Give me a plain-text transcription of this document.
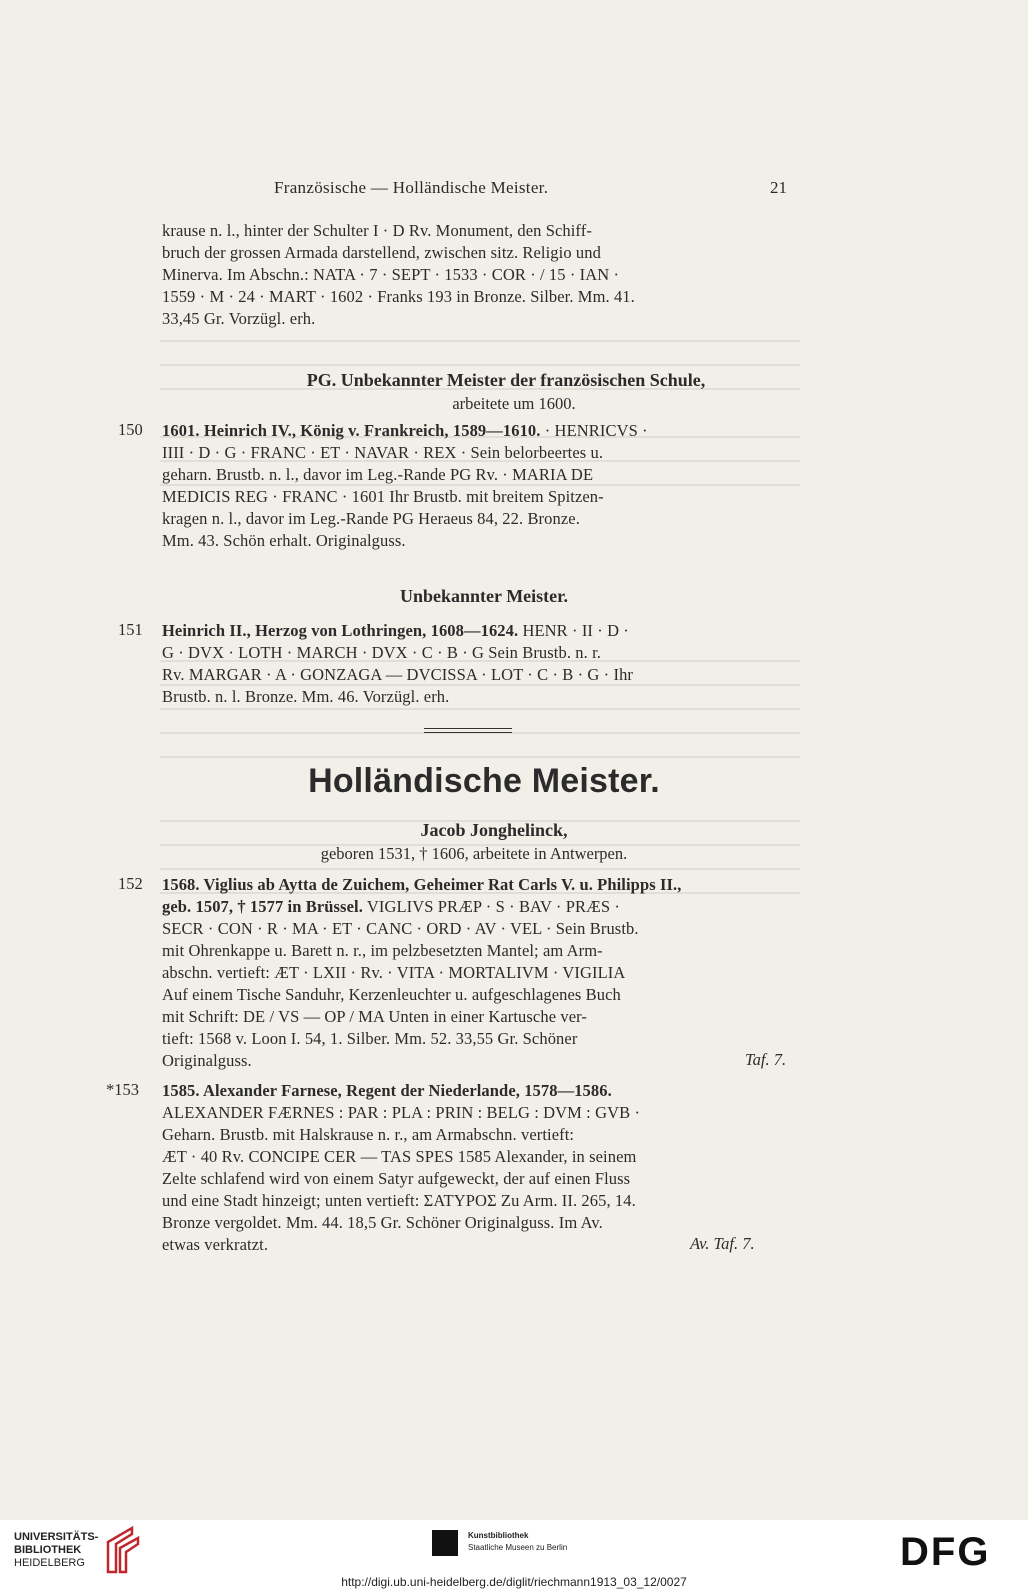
Französische — Holländische Meister.	21
krause n. l., hinter der Schulter I · D Rv. Monument, den Schiff-
bruch der grossen Armada darstellend, zwischen sitz. Religio und
Minerva. Im Abschn.: NATA · 7 · SEPT · 1533 · COR · / 15 · IAN ·
1559 · M · 24 · MART · 1602 · Franks 193 in Bronze. Silber. Mm. 41.
33,45 Gr. Vorzügl. erh.
PG. Unbekannter Meister der französischen Schule,
arbeitete um 1600.
150 1601. Heinrich IV., König v. Frankreich, 1589—1610. · HENRICVS ·
IIII · D · G · FRANC · ET · NAVAR · REX · Sein belorbeertes u.
geharn. Brustb. n. l., davor im Leg.-Rande PG Rv. · MARIA DE
MEDICIS REG · FRANC · 1601 Ihr Brustb. mit breitem Spitzen-
kragen n. l., davor im Leg.-Rande PG Heraeus 84, 22. Bronze.
Mm. 43. Schön erhalt. Originalguss.
Unbekannter Meister.
151 Heinrich II., Herzog von Lothringen, 1608—1624. HENR · II · D ·
G · DVX · LOTH · MARCH · DVX · C · B · G Sein Brustb. n. r.
Rv. MARGAR · A · GONZAGA — DVCISSA · LOT · C · B · G · Ihr
Brustb. n. l. Bronze. Mm. 46. Vorzügl. erh.
Holländische Meister.
Jacob Jonghelinck,
geboren 1531, † 1606, arbeitete in Antwerpen.
152 1568. Viglius ab Aytta de Zuichem, Geheimer Rat Carls V. u. Philipps II.,
geb. 1507, † 1577 in Brüssel. VIGLIVS PRÆP · S · BAV · PRÆS ·
SECR · CON · R · MA · ET · CANC · ORD · AV · VEL · Sein Brustb.
mit Ohrenkappe u. Barett n. r., im pelzbesetzten Mantel; am Arm-
abschn. vertieft: ÆT · LXII · Rv. · VITA · MORTALIVM · VIGILIA
Auf einem Tische Sanduhr, Kerzenleuchter u. aufgeschlagenes Buch
mit Schrift: DE / VS — OP / MA Unten in einer Kartusche ver-
tieft: 1568 v. Loon I. 54, 1. Silber. Mm. 52. 33,55 Gr. Schöner
Originalguss.	Taf. 7.
*153 1585. Alexander Farnese, Regent der Niederlande, 1578—1586.
ALEXANDER FÆRNES : PAR : PLA : PRIN : BELG : DVM : GVB ·
Geharn. Brustb. mit Halskrause n. r., am Armabschn. vertieft:
ÆT · 40 Rv. CONCIPE CER — TAS SPES 1585 Alexander, in seinem
Zelte schlafend wird von einem Satyr aufgeweckt, der auf einen Fluss
und eine Stadt hinzeigt; unten vertieft: ΣΑΤΥΡΟΣ Zu Arm. II. 265, 14.
Bronze vergoldet. Mm. 44. 18,5 Gr. Schöner Originalguss. Im Av.
etwas verkratzt.	Av. Taf. 7.
UNIVERSITÄTS-
BIBLIOTHEK
HEIDELBERG
Kunstbibliothek
Staatliche Museen zu Berlin	DFG
http://digi.ub.uni-heidelberg.de/diglit/riechmann1913_03_12/0027
